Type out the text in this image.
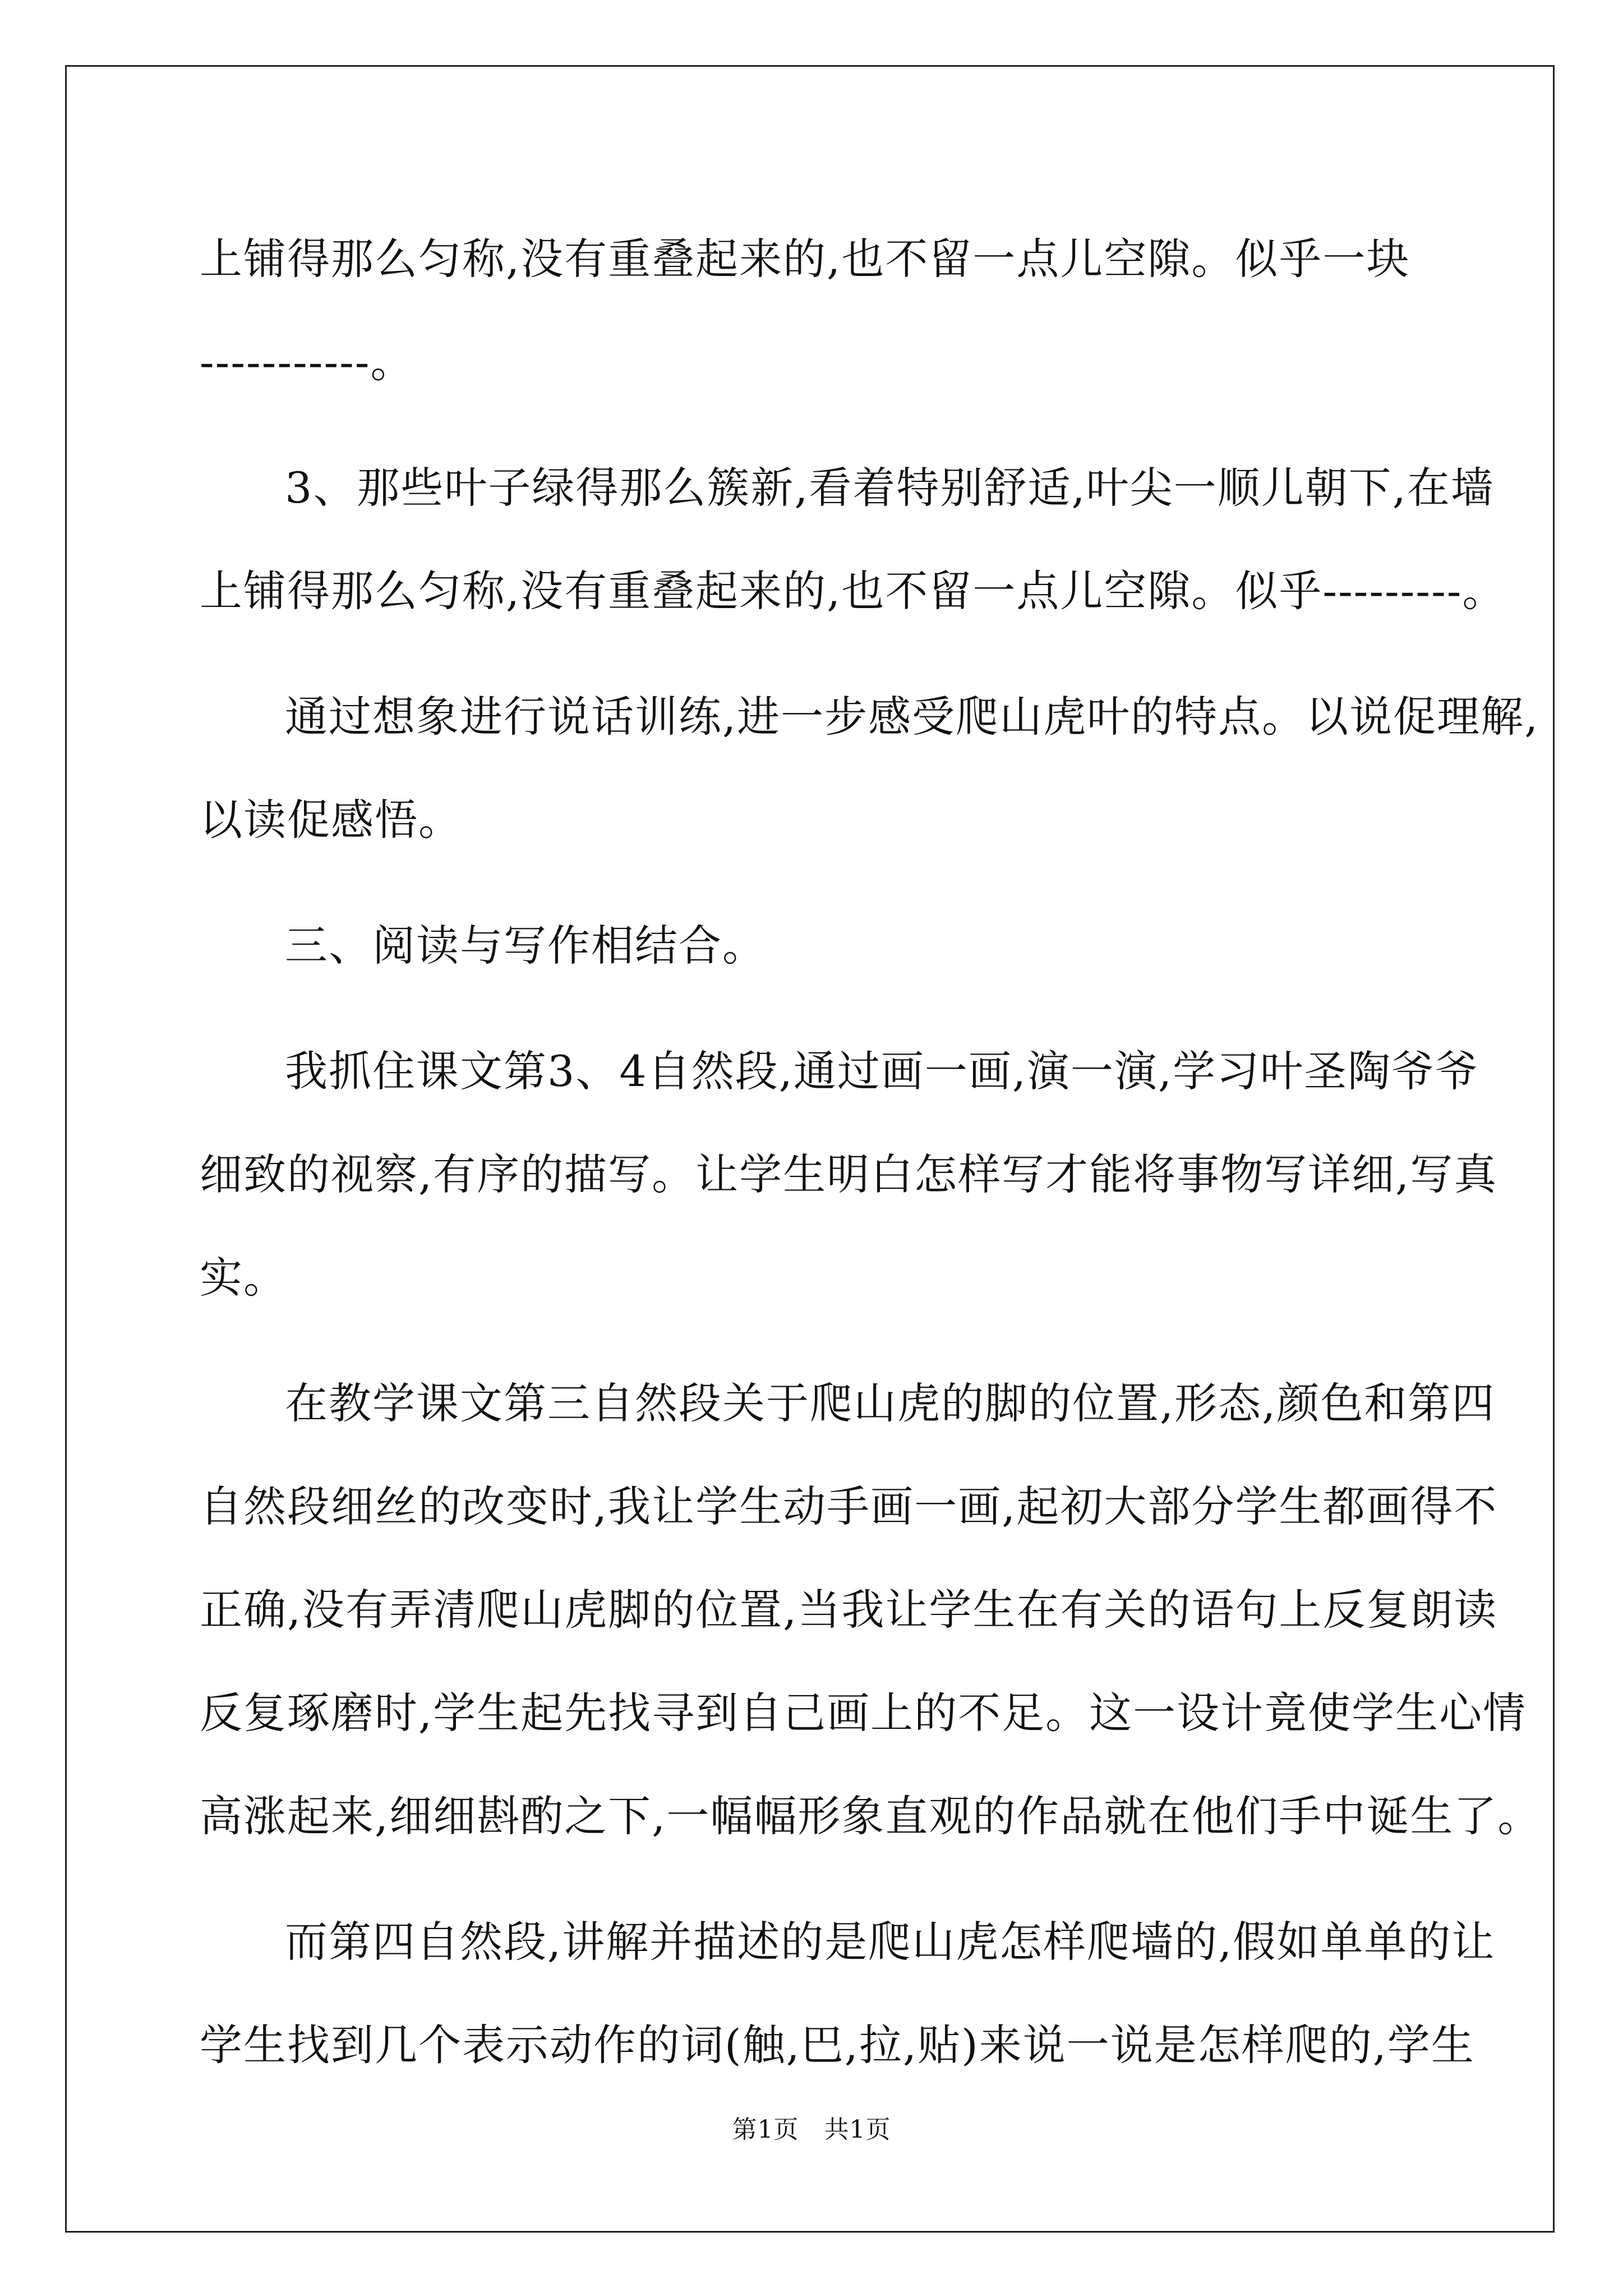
上铺得那么匀称,没有重叠起来的,也不留一点儿空隙。似乎一块
-----------。
3、那些叶子绿得那么簇新,看着特别舒适,叶尖一顺儿朝下,在墙
上铺得那么匀称,没有重叠起来的,也不留一点儿空隙。似乎---------。
通过想象进行说话训练,进一步感受爬山虎叶的特点。以说促理解,
以读促感悟。
三、阅读与写作相结合。
我抓住课文第3、4自然段,通过画一画,演一演,学习叶圣陶爷爷
细致的视察,有序的描写。让学生明白怎样写才能将事物写详细,写真
实。
在教学课文第三自然段关于爬山虎的脚的位置,形态,颜色和第四
自然段细丝的改变时,我让学生动手画一画,起初大部分学生都画得不
正确,没有弄清爬山虎脚的位置,当我让学生在有关的语句上反复朗读
反复琢磨时,学生起先找寻到自己画上的不足。这一设计竟使学生心情
高涨起来,细细斟酌之下,一幅幅形象直观的作品就在他们手中诞生了。
而第四自然段,讲解并描述的是爬山虎怎样爬墙的,假如单单的让
学生找到几个表示动作的词(触,巴,拉,贴)来说一说是怎样爬的,学生
第1页　共1页
